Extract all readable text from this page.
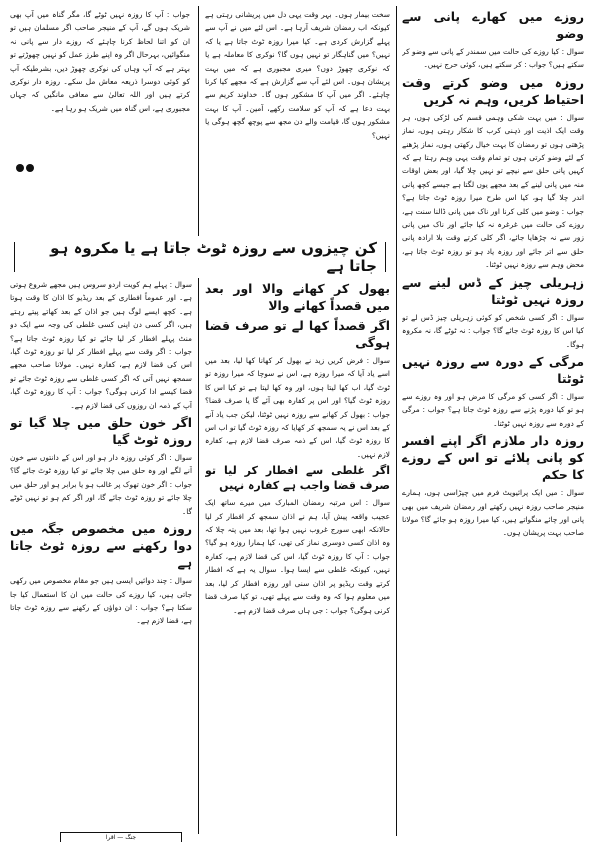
جواب : آپ کا روزہ نہیں ٹوٹے گا، مگر گناہ میں آپ بھی شریک ہوں گے، آپ کے منیجر صاحب اگر مسلمان ہیں تو ان کو اتنا لحاظ کرنا چاہئے کہ روزے دار سے پانی نہ منگوائیں، بہرحال اگر وہ اپنے طرز عمل کو نہیں چھوڑتے تو بہتر ہے کہ آپ وہاں کی نوکری چھوڑ دیں، بشرطیکہ آپ کو کوئی دوسرا ذریعہ معاش مل سکے۔ روزہ دار نوکری کرتے ہیں اور اللہ تعالیٰ سے معافی مانگیں کہ جہاں مجبوری ہے، اس گناہ میں شریک ہو رہا ہے۔

سخت بیمار ہوں۔ بہر وقت یہی دل میں پریشانی رہتی ہے کیونکہ اب رمضان شریف آرہا ہے۔ اس لئے میں نے آپ سے پہلے گزارش کردی ہے۔ کیا میرا روزہ ٹوٹ جاتا ہے یا کہ نہیں؟ میں گناہگار تو نہیں ہوں گا؟ نوکری کا معاملہ ہے یا کہ نوکری چھوڑ دوں؟ میری مجبوری ہے کہ میں بہت پریشان ہوں۔ اس لئے آپ سے گزارش ہے کہ مجھے کیا کرنا چاہئے۔ اگر میں آپ کا مشکور ہوں گا۔ خداوند کریم سے بہت دعا ہے کہ آپ کو سلامت رکھے، آمین۔ آپ کا بہت مشکور ہوں گا، قیامت والے دن مجھ سے پوچھ گچھ ہوگی یا نہیں؟

روزے میں کھارے پانی سے وضو

سوال : کیا روزے کی حالت میں سمندر کے پانی سے وضو کر سکتے ہیں؟ جواب : کر سکتے ہیں، کوئی حرج نہیں۔

روزہ میں وضو کرتے وقت احتیاط کریں، وہم نہ کریں

سوال : میں بہت شکی وہمی قسم کی لڑکی ہوں، ہر وقت ایک اذیت اور ذہنی کرب کا شکار رہتی ہوں، نماز پڑھتی ہوں تو رمضان کا بہت خیال رکھتی ہوں، نماز پڑھنے کے لئے وضو کرتی ہوں تو تمام وقت یہی وہم رہتا ہے کہ کہیں پانی حلق سے نیچے تو نہیں چلا گیا، اور بعض اوقات منہ میں پانی لینے کے بعد مجھے یوں لگتا ہے جیسے کچھ پانی اندر چلا گیا ہو، کیا اس طرح میرا روزہ ٹوٹ جاتا ہے؟ جواب : وضو میں کلی کرنا اور ناک میں پانی ڈالنا سنت ہے، روزے کی حالت میں غرغرہ نہ کیا جائے اور ناک میں پانی زور سے نہ چڑھایا جائے، اگر کلی کرتے وقت بلا ارادہ پانی حلق سے اتر جائے اور روزہ یاد ہو تو روزہ ٹوٹ جاتا ہے، محض وہم سے روزہ نہیں ٹوٹتا۔

زہریلی چیز کے ڈس لینے سے روزہ نہیں ٹوٹتا

سوال : اگر کسی شخص کو کوئی زہریلی چیز ڈس لے تو کیا اس کا روزہ ٹوٹ جائے گا؟ جواب : نہ ٹوٹے گا، نہ مکروہ ہوگا۔

مرگی کے دورہ سے روزہ نہیں ٹوٹتا

سوال : اگر کسی کو مرگی کا مرض ہو اور وہ روزے سے ہو تو کیا دورہ پڑنے سے روزہ ٹوٹ جاتا ہے؟ جواب : مرگی کے دورہ سے روزہ نہیں ٹوٹتا۔

روزہ دار ملازم اگر اپنے افسر کو پانی پلائے تو اس کے روزے کا حکم

سوال : میں ایک پرائیویٹ فرم میں چپڑاسی ہوں، ہمارے منیجر صاحب روزہ نہیں رکھتے اور رمضان شریف میں بھی پانی اور چائے منگواتے ہیں، کیا میرا روزہ ہو جائے گا؟ مولانا صاحب بہت پریشان ہوں۔

کن چیزوں سے روزہ ٹوٹ جاتا ہے یا مکروہ ہو جاتا ہے
بھول کر کھانے والا اور بعد میں قصداً کھانے والا
اگر قصداً کھا لے تو صرف قضا ہوگی

سوال : فرض کریں زید نے بھول کر کھانا کھا لیا، بعد میں اسے یاد آیا کہ میرا روزہ ہے، اس نے سوچا کہ میرا روزہ تو ٹوٹ گیا، اب کھا لیتا ہوں، اور وہ کھا لیتا ہے تو کیا اس کا روزہ ٹوٹ گیا؟ اور اس پر کفارہ بھی آئے گا یا صرف قضا؟ جواب : بھول کر کھانے سے روزہ نہیں ٹوٹتا، لیکن جب یاد آنے کے بعد اس نے یہ سمجھ کر کھایا کہ روزہ ٹوٹ گیا تو اب اس کا روزہ ٹوٹ گیا، اس کے ذمہ صرف قضا لازم ہے، کفارہ لازم نہیں۔

اگر غلطی سے افطار کر لیا تو صرف قضا واجب ہے کفارہ نہیں

سوال : اس مرتبہ رمضان المبارک میں میرے ساتھ ایک عجیب واقعہ پیش آیا، ہم نے اذان سمجھ کر افطار کر لیا حالانکہ ابھی سورج غروب نہیں ہوا تھا، بعد میں پتہ چلا کہ وہ اذان کسی دوسری نماز کی تھی، کیا ہمارا روزہ ہو گیا؟ جواب : آپ کا روزہ ٹوٹ گیا، اس کی قضا لازم ہے، کفارہ نہیں، کیونکہ غلطی سے ایسا ہوا۔ سوال یہ ہے کہ افطار کرتے وقت ریڈیو پر اذان سنی اور روزہ افطار کر لیا، بعد میں معلوم ہوا کہ وہ وقت سے پہلے تھی، تو کیا صرف قضا کرنی ہوگی؟ جواب : جی ہاں صرف قضا لازم ہے۔

سوال : پہلے ہم کویت اردو سروس ہیں مجھے شروع ہوتی ہے۔ اور عموماً افطاری کے بعد ریڈیو کا اذان کا وقت ہوتا ہے۔ کچھ ایسے لوگ ہیں جو اذان کے بعد کھاتے پیتے رہتے ہیں، اگر کسی دن اپنی کسی غلطی کی وجہ سے ایک دو منٹ پہلے افطار کر لیا جائے تو کیا روزہ ٹوٹ جاتا ہے؟ جواب : اگر وقت سے پہلے افطار کر لیا تو روزہ ٹوٹ گیا، اس کی قضا لازم ہے، کفارہ نہیں۔ مولانا صاحب مجھے سمجھ نہیں آتی کہ اگر کسی غلطی سے روزہ ٹوٹ جائے تو قضا کیسے ادا کرنی ہوگی؟ جواب : آپ کا روزہ ٹوٹ گیا، آپ کے ذمہ ان روزوں کی قضا لازم ہے۔

اگر خون حلق میں چلا گیا تو روزہ ٹوٹ گیا

سوال : اگر کوئی روزہ دار ہو اور اس کے دانتوں سے خون آنے لگے اور وہ حلق میں چلا جائے تو کیا روزہ ٹوٹ جائے گا؟ جواب : اگر خون تھوک پر غالب ہو یا برابر ہو اور حلق میں چلا جائے تو روزہ ٹوٹ جائے گا، اور اگر کم ہو تو نہیں ٹوٹے گا۔

روزہ میں مخصوص جگہ میں دوا رکھنے سے روزہ ٹوٹ جاتا ہے

سوال : چند دوائیں ایسی ہیں جو مقام مخصوص میں رکھی جاتی ہیں، کیا روزے کی حالت میں ان کا استعمال کیا جا سکتا ہے؟ جواب : ان دواؤں کے رکھنے سے روزہ ٹوٹ جاتا ہے، قضا لازم ہے۔

جنگ — اقرا
